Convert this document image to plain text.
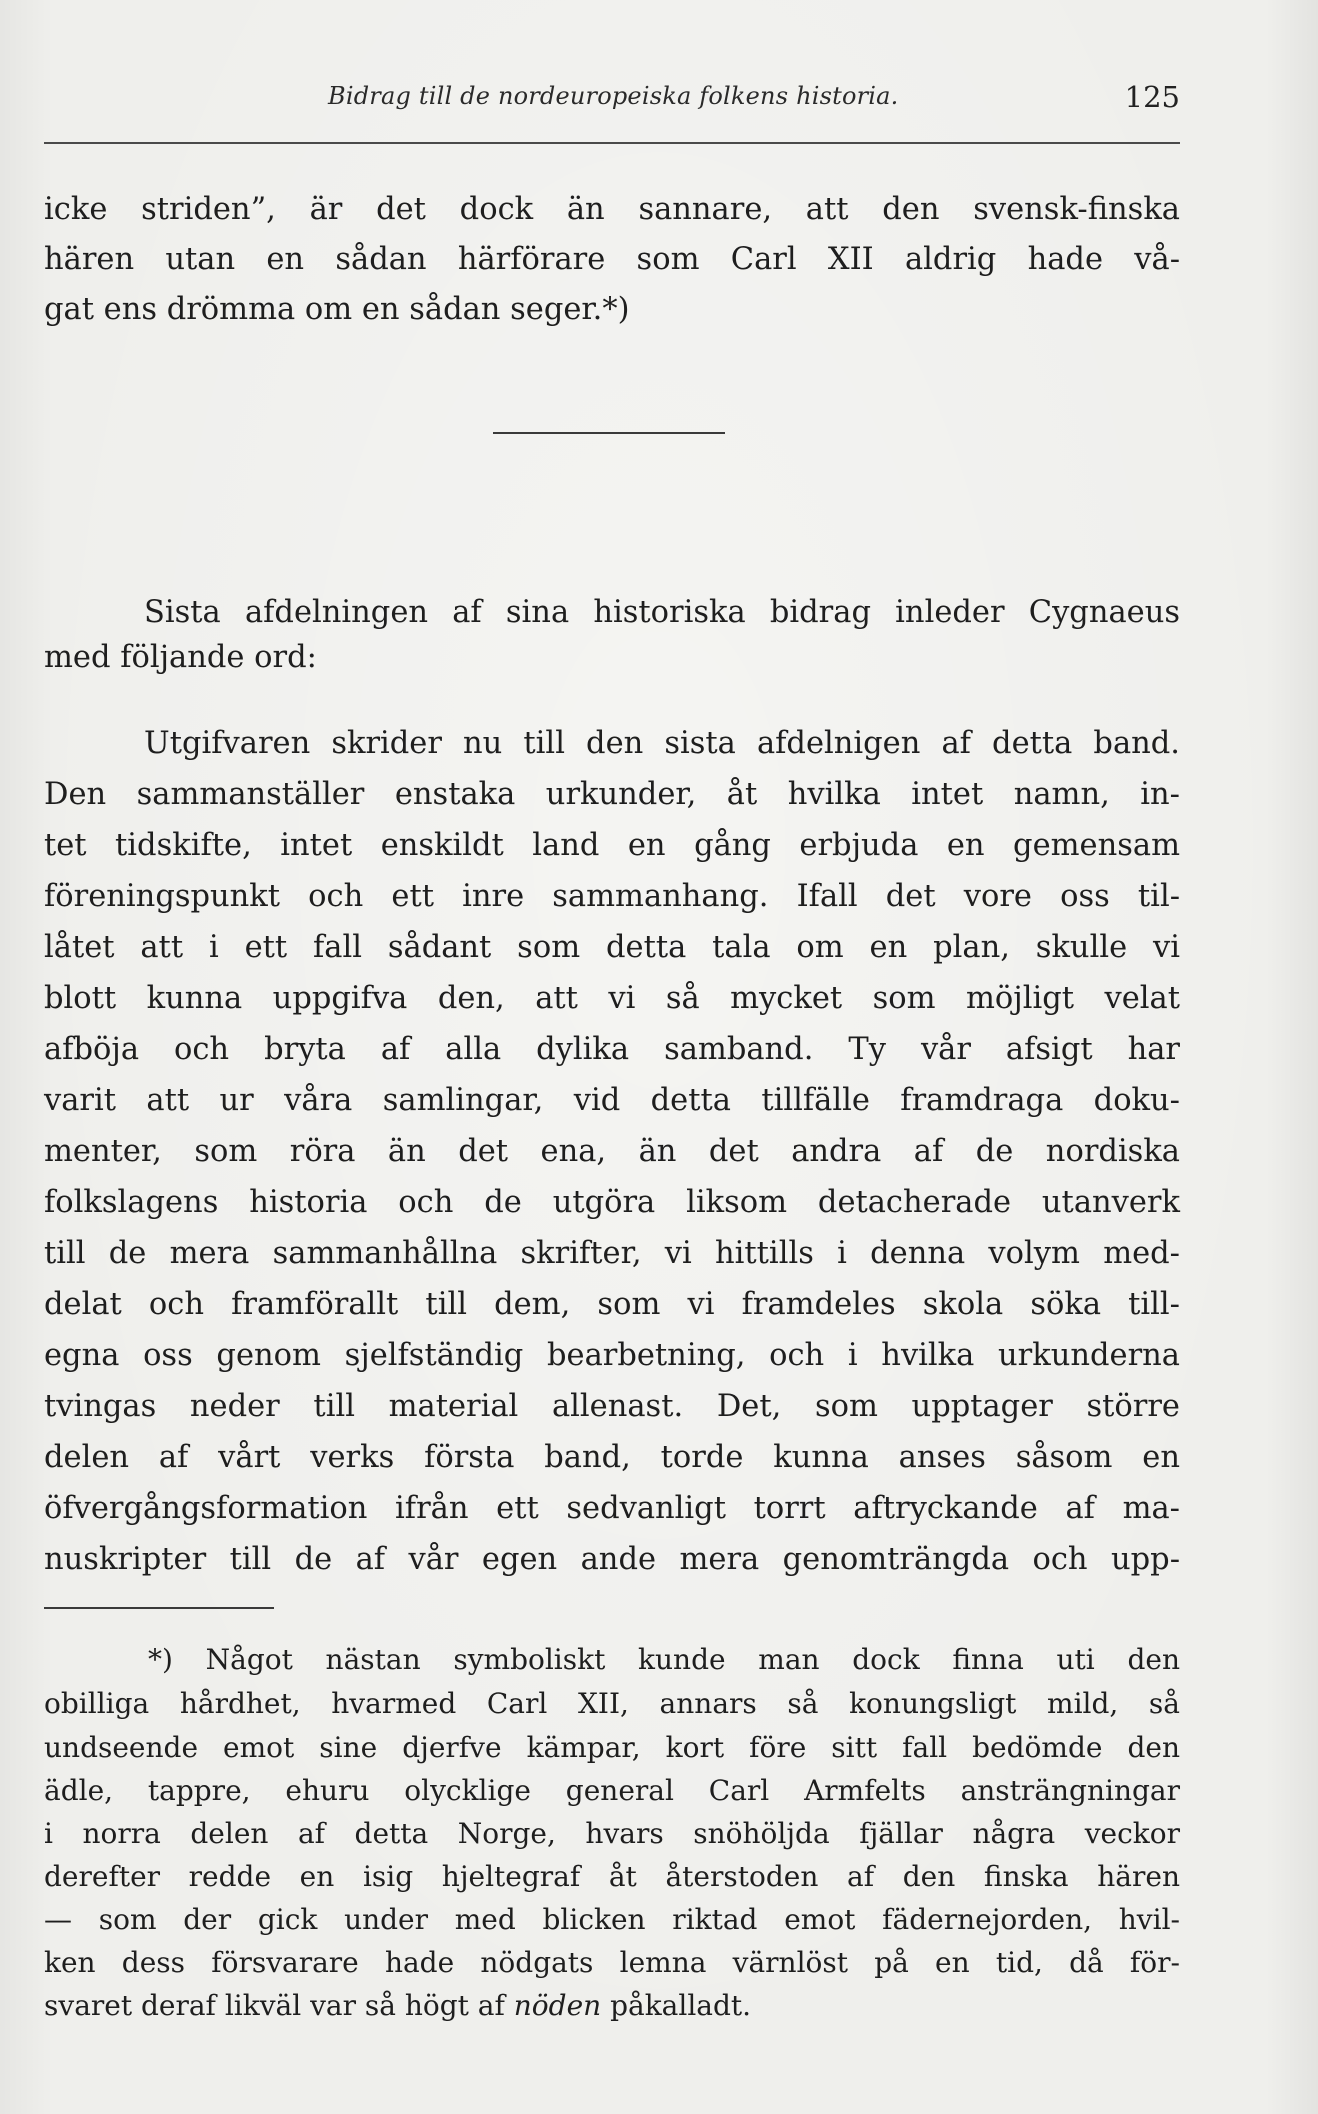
Bidrag till de nordeuropeiska folkens historia.	125
icke striden”, är det dock än sannare, att den svensk-finska
hären utan en sådan härförare som Carl XII aldrig hade vå-
gat ens drömma om en sådan seger.*)
Sista afdelningen af sina historiska bidrag inleder Cygnaeus
med följande ord:
Utgifvaren skrider nu till den sista afdelnigen af detta band.
Den sammanställer enstaka urkunder, åt hvilka intet namn, in-
tet tidskifte, intet enskildt land en gång erbjuda en gemensam
föreningspunkt och ett inre sammanhang. Ifall det vore oss til-
låtet att i ett fall sådant som detta tala om en plan, skulle vi
blott kunna uppgifva den, att vi så mycket som möjligt velat
afböja och bryta af alla dylika samband. Ty vår afsigt har
varit att ur våra samlingar, vid detta tillfälle framdraga doku-
menter, som röra än det ena, än det andra af de nordiska
folkslagens historia och de utgöra liksom detacherade utanverk
till de mera sammanhållna skrifter, vi hittills i denna volym med-
delat och framförallt till dem, som vi framdeles skola söka till-
egna oss genom sjelfständig bearbetning, och i hvilka urkunderna
tvingas neder till material allenast. Det, som upptager större
delen af vårt verks första band, torde kunna anses såsom en
öfvergångsformation ifrån ett sedvanligt torrt aftryckande af ma-
nuskripter till de af vår egen ande mera genomträngda och upp-
*) Något nästan symboliskt kunde man dock finna uti den
obilliga hårdhet, hvarmed Carl XII, annars så konungsligt mild, så
undseende emot sine djerfve kämpar, kort före sitt fall bedömde den
ädle, tappre, ehuru olycklige general Carl Armfelts ansträngningar
i norra delen af detta Norge, hvars snöhöljda fjällar några veckor
derefter redde en isig hjeltegraf åt återstoden af den finska hären
— som der gick under med blicken riktad emot fädernejorden, hvil-
ken dess försvarare hade nödgats lemna värnlöst på en tid, då för-
svaret deraf likväl var så högt af nöden påkalladt.
